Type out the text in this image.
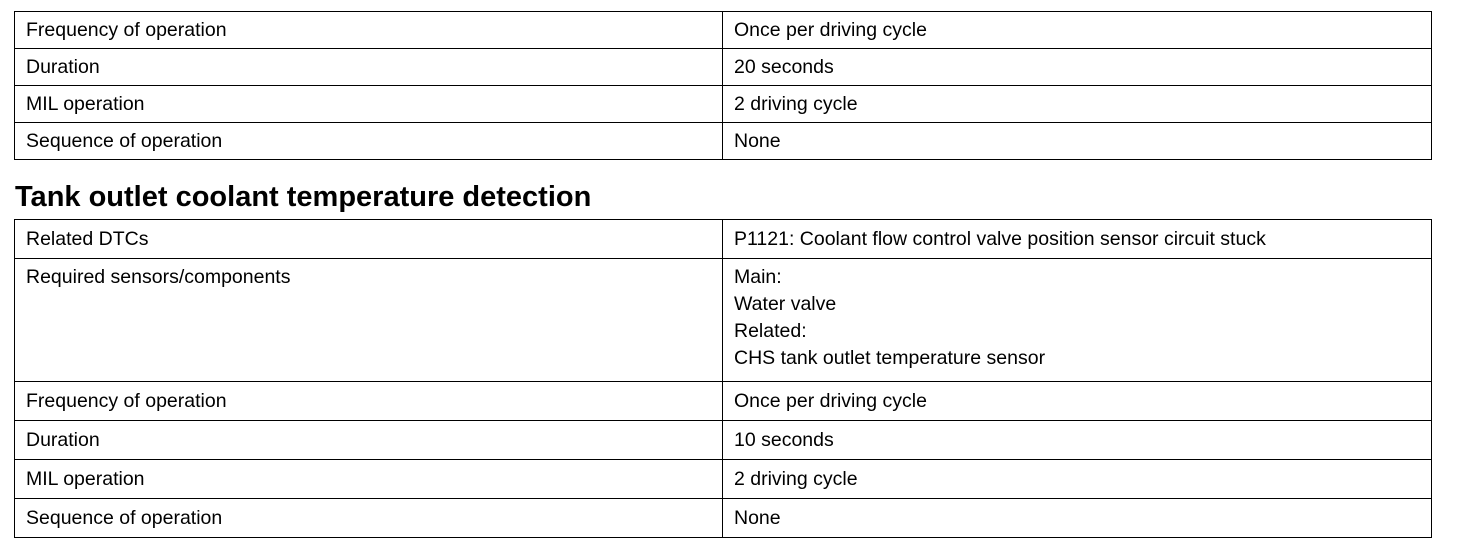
Frequency of operation	Once per driving cycle
Duration	20 seconds
MIL operation	2 driving cycle
Sequence of operation	None
Tank outlet coolant temperature detection
Related DTCs	P1121: Coolant flow control valve position sensor circuit stuck
Required sensors/components	Main:
Water valve
Related:
CHS tank outlet temperature sensor

Frequency of operation	Once per driving cycle
Duration	10 seconds
MIL operation	2 driving cycle
Sequence of operation	None
